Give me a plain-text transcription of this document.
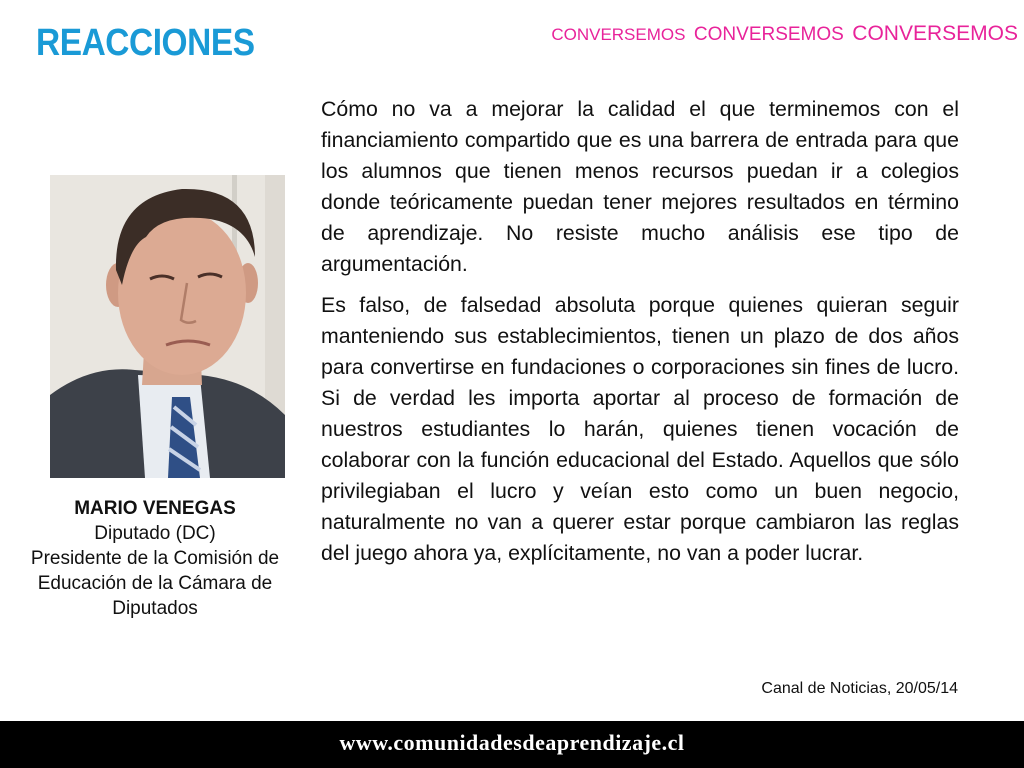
REACCIONES	CONVERSEMOS CONVERSEMOS CONVERSEMOS
MARIO VENEGAS
Diputado (DC)
Presidente de la Comisión de
Educación de la Cámara de
Diputados

Cómo no va a mejorar la calidad el que terminemos con el financiamiento compartido que es una barrera de entrada para que los alumnos que tienen menos recursos puedan ir a colegios donde teóricamente puedan tener mejores resultados en término de aprendizaje. No resiste mucho análisis ese tipo de argumentación.

Es falso, de falsedad absoluta porque quienes quieran seguir manteniendo sus establecimientos, tienen un plazo de dos años para convertirse en fundaciones o corporaciones sin fines de lucro. Si de verdad les importa aportar al proceso de formación de nuestros estudiantes lo harán, quienes tienen vocación de colaborar con la función educacional del Estado. Aquellos que sólo privilegiaban el lucro y veían esto como un buen negocio, naturalmente no van a querer estar porque cambiaron las reglas del juego ahora ya, explícitamente, no van a poder lucrar.

Canal de Noticias, 20/05/14
www.comunidadesdeaprendizaje.cl
